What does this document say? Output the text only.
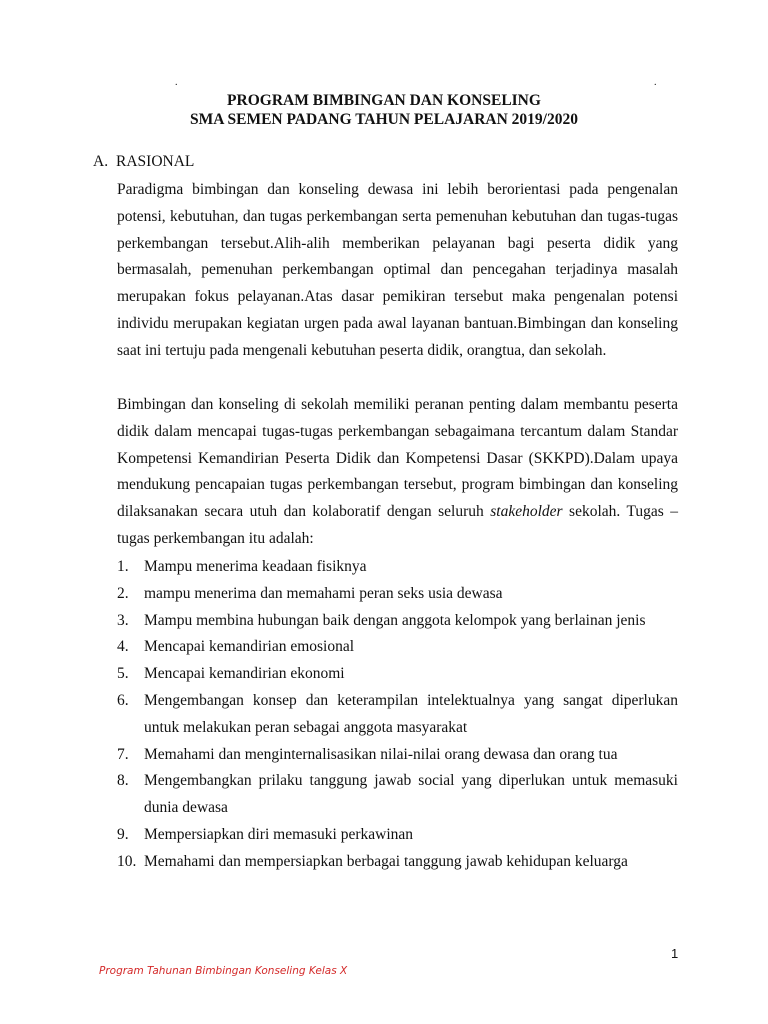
.	.
PROGRAM BIMBINGAN DAN KONSELING
SMA SEMEN PADANG TAHUN PELAJARAN 2019/2020
A. RASIONAL

Paradigma bimbingan dan konseling dewasa ini lebih berorientasi pada pengenalan potensi, kebutuhan, dan tugas perkembangan serta pemenuhan kebutuhan dan tugas-tugas perkembangan tersebut.Alih-alih memberikan pelayanan bagi peserta didik yang bermasalah, pemenuhan perkembangan optimal dan pencegahan terjadinya masalah merupakan fokus pelayanan.Atas dasar pemikiran tersebut maka pengenalan potensi individu merupakan kegiatan urgen pada awal layanan bantuan.Bimbingan dan konseling saat ini tertuju pada mengenali kebutuhan peserta didik, orangtua, dan sekolah.

Bimbingan dan konseling di sekolah memiliki peranan penting dalam membantu peserta didik dalam mencapai tugas-tugas perkembangan sebagaimana tercantum dalam Standar Kompetensi Kemandirian Peserta Didik dan Kompetensi Dasar (SKKPD).Dalam upaya mendukung pencapaian tugas perkembangan tersebut, program bimbingan dan konseling dilaksanakan secara utuh dan kolaboratif dengan seluruh stakeholder sekolah. Tugas – tugas perkembangan itu adalah:

1. Mampu menerima keadaan fisiknya
2. mampu menerima dan memahami peran seks usia dewasa
3. Mampu membina hubungan baik dengan anggota kelompok yang berlainan jenis
4. Mencapai kemandirian emosional
5. Mencapai kemandirian ekonomi
6. Mengembangan konsep dan keterampilan intelektualnya yang sangat diperlukan untuk melakukan peran sebagai anggota masyarakat
7. Memahami dan menginternalisasikan nilai-nilai orang dewasa dan orang tua
8. Mengembangkan prilaku tanggung jawab social yang diperlukan untuk memasuki dunia dewasa
9. Mempersiapkan diri memasuki perkawinan
10. Memahami dan mempersiapkan berbagai tanggung jawab kehidupan keluarga
1
Program Tahunan Bimbingan Konseling Kelas X
